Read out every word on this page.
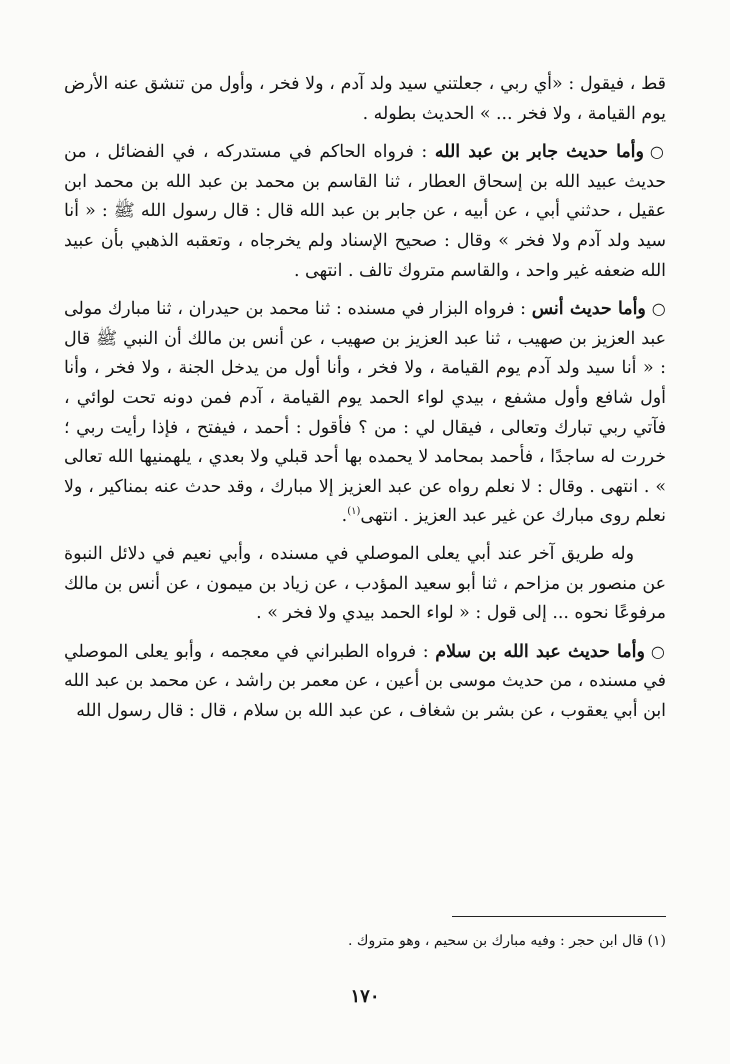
قط ، فيقول : «أي ربي ، جعلتني سيد ولد آدم ، ولا فخر ، وأول من تنشق عنه الأرض يوم القيامة ، ولا فخر ... » الحديث بطوله .

○وأما حديث جابر بن عبد الله : فرواه الحاكم في مستدركه ، في الفضائل ، من حديث عبيد الله بن إسحاق العطار ، ثنا القاسم بن محمد بن عبد الله بن محمد ابن عقيل ، حدثني أبي ، عن أبيه ، عن جابر بن عبد الله قال : قال رسول الله ﷺ : « أنا سيد ولد آدم ولا فخر » وقال : صحيح الإسناد ولم يخرجاه ، وتعقبه الذهبي بأن عبيد الله ضعفه غير واحد ، والقاسم متروك تالف . انتهى .

○وأما حديث أنس : فرواه البزار في مسنده : ثنا محمد بن حيدران ، ثنا مبارك مولى عبد العزيز بن صهيب ، ثنا عبد العزيز بن صهيب ، عن أنس بن مالك أن النبي ﷺ قال : « أنا سيد ولد آدم يوم القيامة ، ولا فخر ، وأنا أول من يدخل الجنة ، ولا فخر ، وأنا أول شافع وأول مشفع ، بيدي لواء الحمد يوم القيامة ، آدم فمن دونه تحت لوائي ، فآتي ربي تبارك وتعالى ، فيقال لي : من ؟ فأقول : أحمد ، فيفتح ، فإذا رأيت ربي ؛ خررت له ساجدًا ، فأحمد بمحامد لا يحمده بها أحد قبلي ولا بعدي ، يلهمنيها الله تعالى » . انتهى . وقال : لا نعلم رواه عن عبد العزيز إلا مبارك ، وقد حدث عنه بمناكير ، ولا نعلم روى مبارك عن غير عبد العزيز . انتهى$^{(١)}$.

وله طريق آخر عند أبي يعلى الموصلي في مسنده ، وأبي نعيم في دلائل النبوة عن منصور بن مزاحم ، ثنا أبو سعيد المؤدب ، عن زياد بن ميمون ، عن أنس بن مالك مرفوعًا نحوه ... إلى قول : « لواء الحمد بيدي ولا فخر » .

○وأما حديث عبد الله بن سلام : فرواه الطبراني في معجمه ، وأبو يعلى الموصلي في مسنده ، من حديث موسى بن أعين ، عن معمر بن راشد ، عن محمد بن عبد الله ابن أبي يعقوب ، عن بشر بن شغاف ، عن عبد الله بن سلام ، قال : قال رسول الله

(١) قال ابن حجر : وفيه مبارك بن سحيم ، وهو متروك .
١٧٠
